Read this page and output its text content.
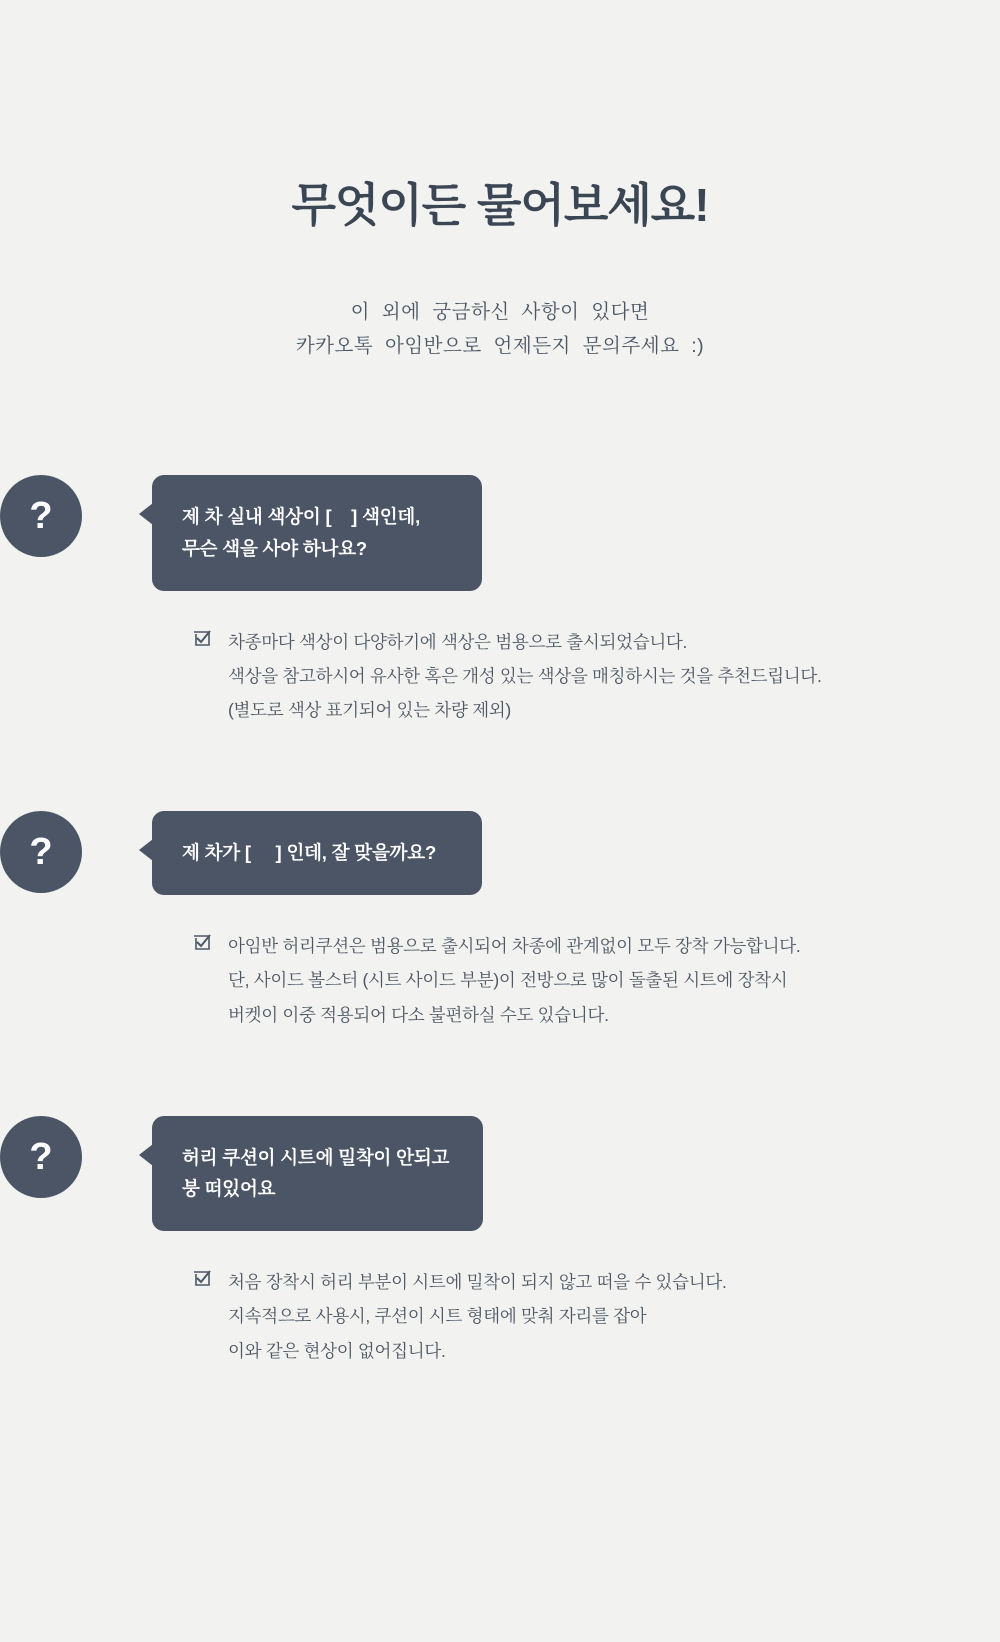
무엇이든 물어보세요!
이  외에  궁금하신  사항이  있다면
카카오톡  아임반으로  언제든지  문의주세요  :)
?	제 차 실내 색상이 [    ] 색인데,
무슨 색을 사야 하나요?
차종마다 색상이 다양하기에 색상은 범용으로 출시되었습니다.
색상을 참고하시어 유사한 혹은 개성 있는 색상을 매칭하시는 것을 추천드립니다.
(별도로 색상 표기되어 있는 차량 제외)
?	제 차가 [     ] 인데, 잘 맞을까요?
아임반 허리쿠션은 범용으로 출시되어 차종에 관계없이 모두 장착 가능합니다.
단, 사이드 볼스터 (시트 사이드 부분)이 전방으로 많이 돌출된 시트에 장착시
버켓이 이중 적용되어 다소 불편하실 수도 있습니다.
?	허리 쿠션이 시트에 밀착이 안되고
붕 떠있어요
처음 장착시 허리 부분이 시트에 밀착이 되지 않고 떠을 수 있습니다.
지속적으로 사용시, 쿠션이 시트 형태에 맞춰 자리를 잡아
이와 같은 현상이 없어집니다.
